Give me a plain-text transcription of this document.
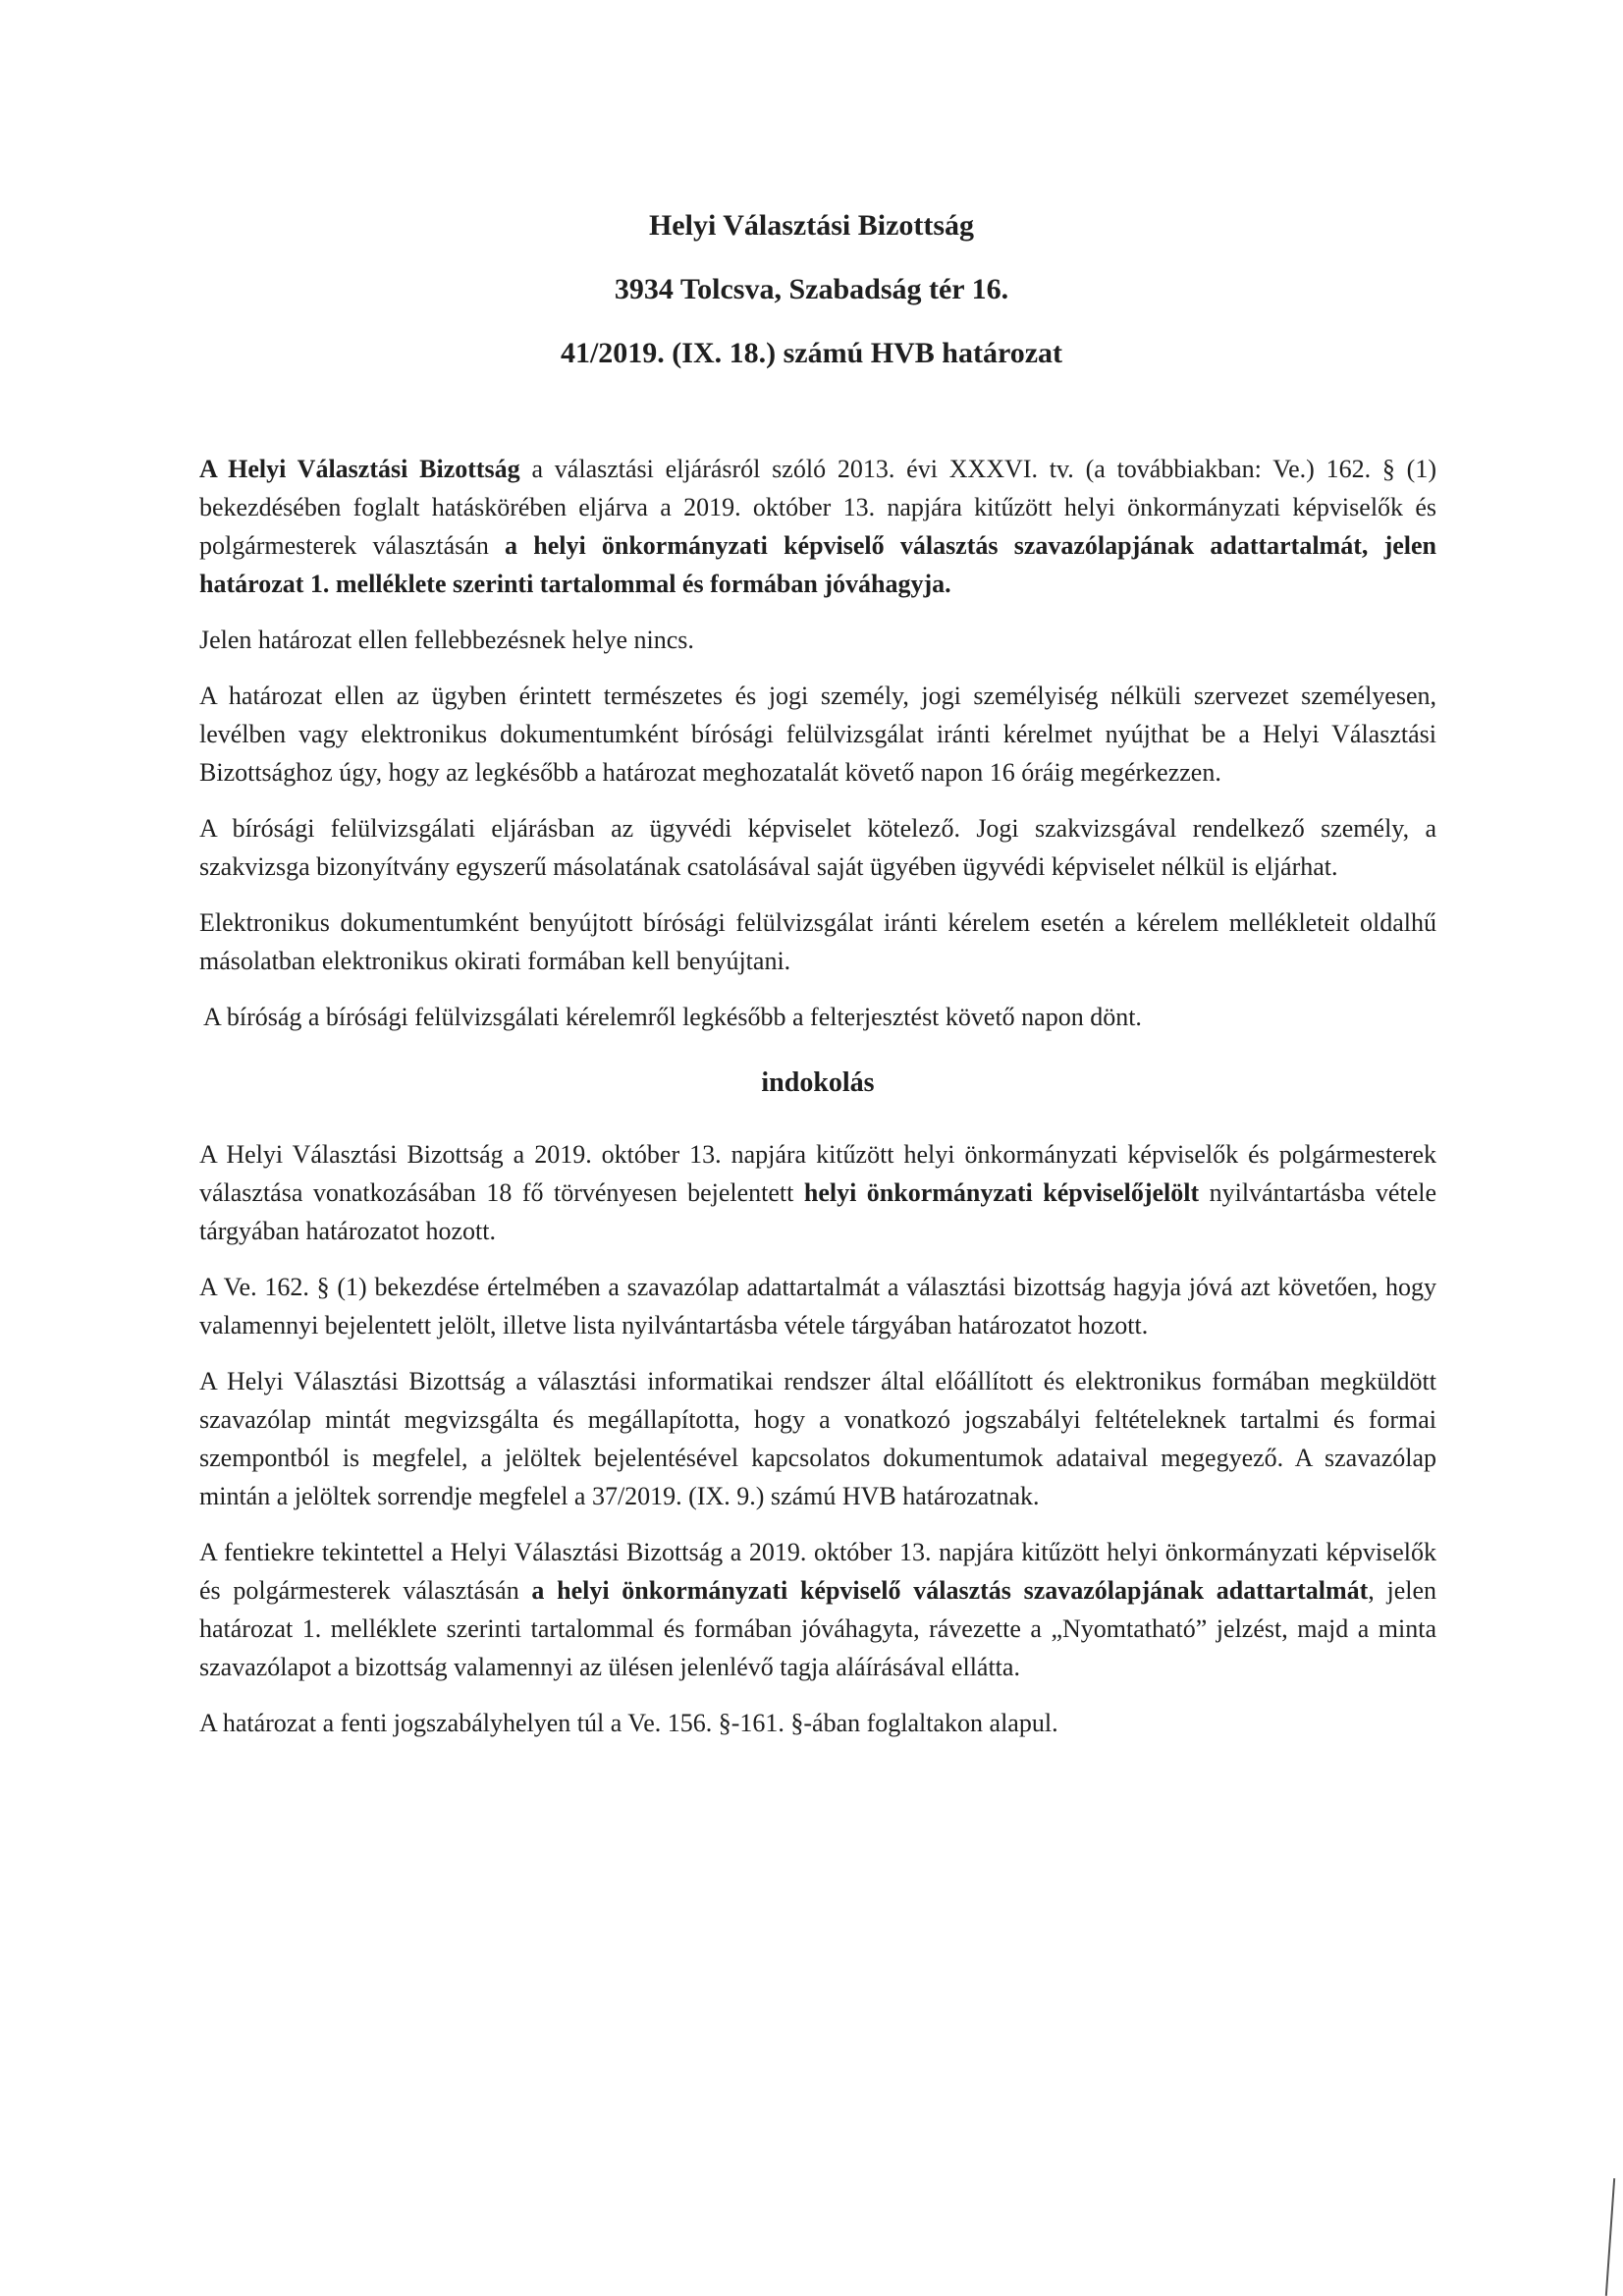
Helyi Választási Bizottság
3934 Tolcsva, Szabadság tér 16.
41/2019. (IX. 18.) számú HVB határozat

A Helyi Választási Bizottság a választási eljárásról szóló 2013. évi XXXVI. tv. (a továbbiakban: Ve.) 162. § (1) bekezdésében foglalt hatáskörében eljárva a 2019. október 13. napjára kitűzött helyi önkormányzati képviselők és polgármesterek választásán a helyi önkormányzati képviselő választás szavazólapjának adattartalmát, jelen határozat 1. melléklete szerinti tartalommal és formában jóváhagyja.

Jelen határozat ellen fellebbezésnek helye nincs.

A határozat ellen az ügyben érintett természetes és jogi személy, jogi személyiség nélküli szervezet személyesen, levélben vagy elektronikus dokumentumként bírósági felülvizsgálat iránti kérelmet nyújthat be a Helyi Választási Bizottsághoz úgy, hogy az legkésőbb a határozat meghozatalát követő napon 16 óráig megérkezzen.

A bírósági felülvizsgálati eljárásban az ügyvédi képviselet kötelező. Jogi szakvizsgával rendelkező személy, a szakvizsga bizonyítvány egyszerű másolatának csatolásával saját ügyében ügyvédi képviselet nélkül is eljárhat.

Elektronikus dokumentumként benyújtott bírósági felülvizsgálat iránti kérelem esetén a kérelem mellékleteit oldalhű másolatban elektronikus okirati formában kell benyújtani.

A bíróság a bírósági felülvizsgálati kérelemről legkésőbb a felterjesztést követő napon dönt.

indokolás

A Helyi Választási Bizottság a 2019. október 13. napjára kitűzött helyi önkormányzati képviselők és polgármesterek választása vonatkozásában 18 fő törvényesen bejelentett helyi önkormányzati képviselőjelölt nyilvántartásba vétele tárgyában határozatot hozott.

A Ve. 162. § (1) bekezdése értelmében a szavazólap adattartalmát a választási bizottság hagyja jóvá azt követően, hogy valamennyi bejelentett jelölt, illetve lista nyilvántartásba vétele tárgyában határozatot hozott.

A Helyi Választási Bizottság a választási informatikai rendszer által előállított és elektronikus formában megküldött szavazólap mintát megvizsgálta és megállapította, hogy a vonatkozó jogszabályi feltételeknek tartalmi és formai szempontból is megfelel, a jelöltek bejelentésével kapcsolatos dokumentumok adataival megegyező. A szavazólap mintán a jelöltek sorrendje megfelel a 37/2019. (IX. 9.) számú HVB határozatnak.

A fentiekre tekintettel a Helyi Választási Bizottság a 2019. október 13. napjára kitűzött helyi önkormányzati képviselők és polgármesterek választásán a helyi önkormányzati képviselő választás szavazólapjának adattartalmát, jelen határozat 1. melléklete szerinti tartalommal és formában jóváhagyta, rávezette a „Nyomtatható” jelzést, majd a minta szavazólapot a bizottság valamennyi az ülésen jelenlévő tagja aláírásával ellátta.

A határozat a fenti jogszabályhelyen túl a Ve. 156. §-161. §-ában foglaltakon alapul.
